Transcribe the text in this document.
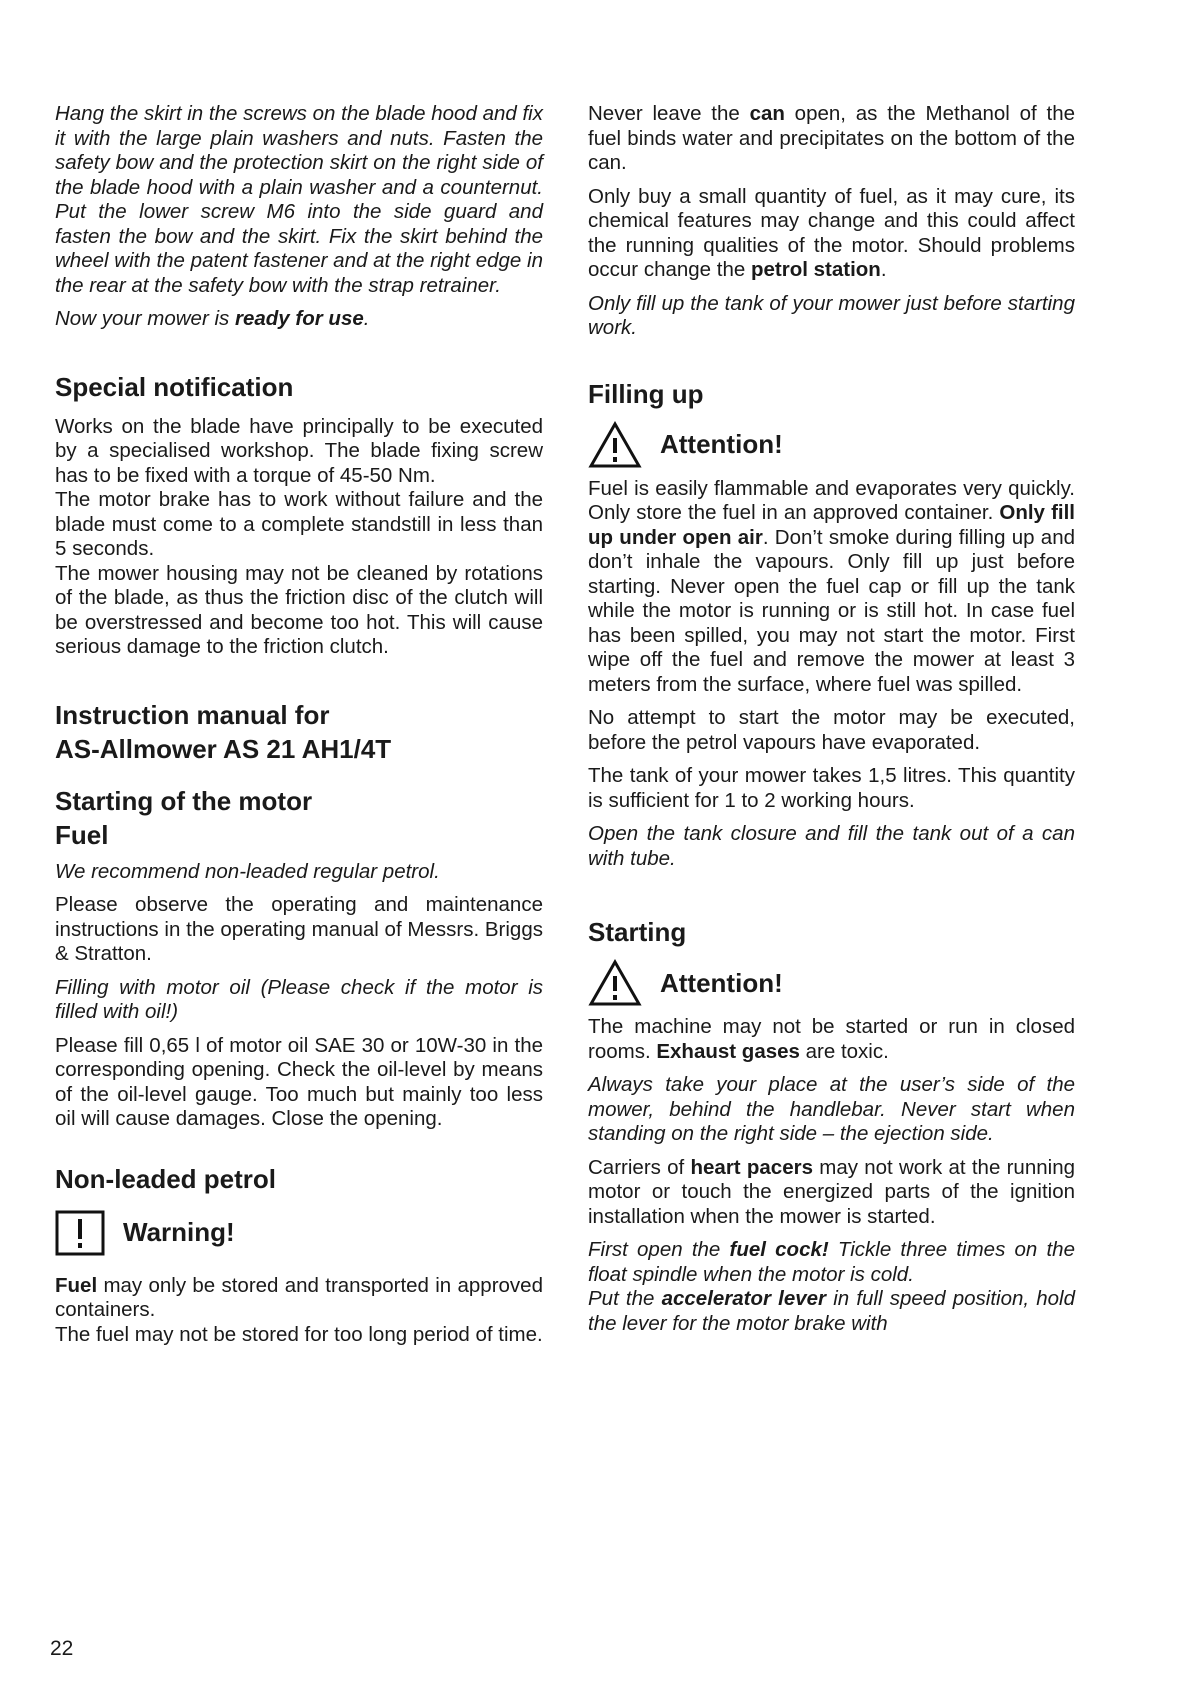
Hang the skirt in the screws on the blade hood and fix it with the large plain washers and nuts. Fasten the safety bow and the protection skirt on the right side of the blade hood with a plain washer and a counternut. Put the lower screw M6 into the side guard and fasten the bow and the skirt. Fix the skirt behind the wheel with the patent fastener and at the right edge in the rear at the safety bow with the strap retrainer.

Now your mower is ready for use.

Special notification

Works on the blade have principally to be executed by a specialised workshop. The blade fixing screw has to be fixed with a torque of 45-50 Nm.

The motor brake has to work without failure and the blade must come to a complete standstill in less than 5 seconds.

The mower housing may not be cleaned by rotations of the blade, as thus the friction disc of the clutch will be overstressed and become too hot. This will cause serious damage to the friction clutch.

Instruction manual for
AS-Allmower AS 21 AH1/4T
Starting of the motor
Fuel

We recommend non-leaded regular petrol.

Please observe the operating and maintenance instructions in the operating manual of Messrs. Briggs & Stratton.

Filling with motor oil (Please check if the motor is filled with oil!)

Please fill 0,65 l of motor oil SAE 30 or 10W-30 in the corresponding opening. Check the oil-level by means of the oil-level gauge. Too much but mainly too less oil will cause damages. Close the opening.

Non-leaded petrol
Warning!

Fuel may only be stored and transported in approved containers.

The fuel may not be stored for too long period of time.

Never leave the can open, as the Methanol of the fuel binds water and precipitates on the bottom of the can.

Only buy a small quantity of fuel, as it may cure, its chemical features may change and this could affect the running qualities of the motor. Should problems occur change the petrol station.

Only fill up the tank of your mower just before starting work.

Filling up
Attention!

Fuel is easily flammable and evaporates very quickly. Only store the fuel in an approved container. Only fill up under open air. Don’t smoke during filling up and don’t inhale the vapours. Only fill up just before starting. Never open the fuel cap or fill up the tank while the motor is running or is still hot. In case fuel has been spilled, you may not start the motor. First wipe off the fuel and remove the mower at least 3 meters from the surface, where fuel was spilled.

No attempt to start the motor may be executed, before the petrol vapours have evaporated.

The tank of your mower takes 1,5 litres. This quantity is sufficient for 1 to 2 working hours.

Open the tank closure and fill the tank out of a can with tube.

Starting
Attention!

The machine may not be started or run in closed rooms. Exhaust gases are toxic.

Always take your place at the user’s side of the mower, behind the handlebar. Never start when standing on the right side – the ejection side.

Carriers of heart pacers may not work at the running motor or touch the energized parts of the ignition installation when the mower is started.

First open the fuel cock! Tickle three times on the float spindle when the motor is cold.

Put the accelerator lever in full speed position, hold the lever for the motor brake with

22
